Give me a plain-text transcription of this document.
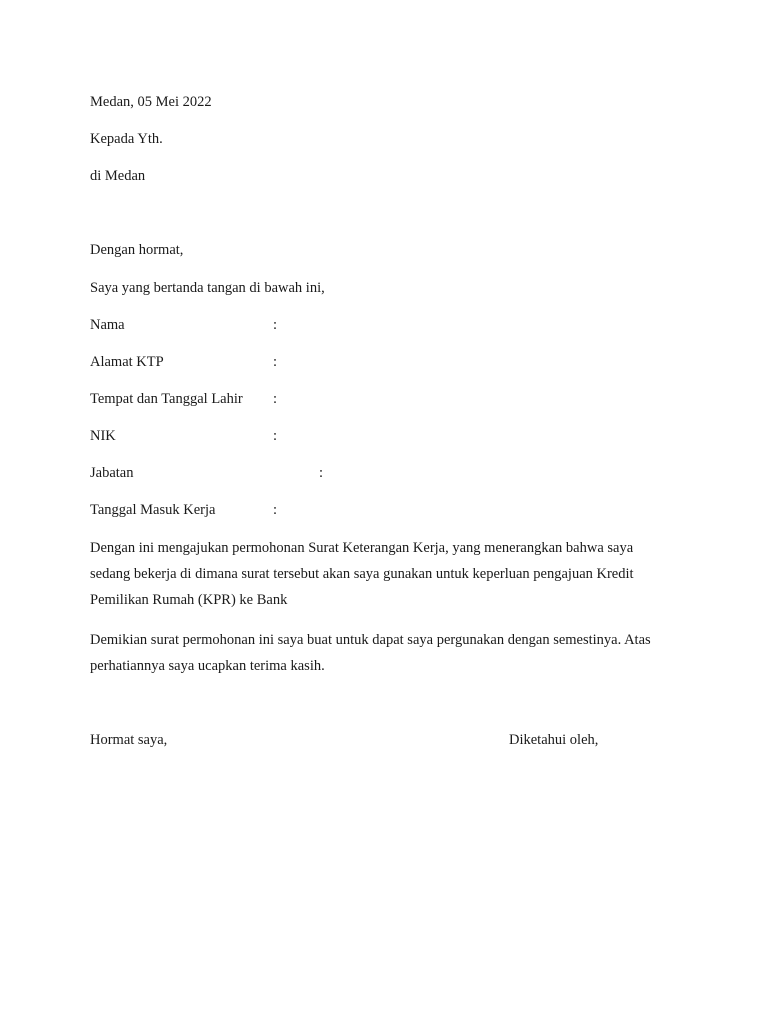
Medan, 05 Mei 2022
Kepada Yth.
di Medan
Dengan hormat,
Saya yang bertanda tangan di bawah ini,
Nama	:
Alamat KTP	:
Tempat dan Tanggal Lahir :
NIK	:
Jabatan	:
Tanggal Masuk Kerja	:
Dengan ini mengajukan permohonan Surat Keterangan Kerja, yang menerangkan bahwa saya
sedang bekerja di dimana surat tersebut akan saya gunakan untuk keperluan pengajuan Kredit
Pemilikan Rumah (KPR) ke Bank
Demikian surat permohonan ini saya buat untuk dapat saya pergunakan dengan semestinya. Atas
perhatiannya saya ucapkan terima kasih.
Hormat saya,	Diketahui oleh,
